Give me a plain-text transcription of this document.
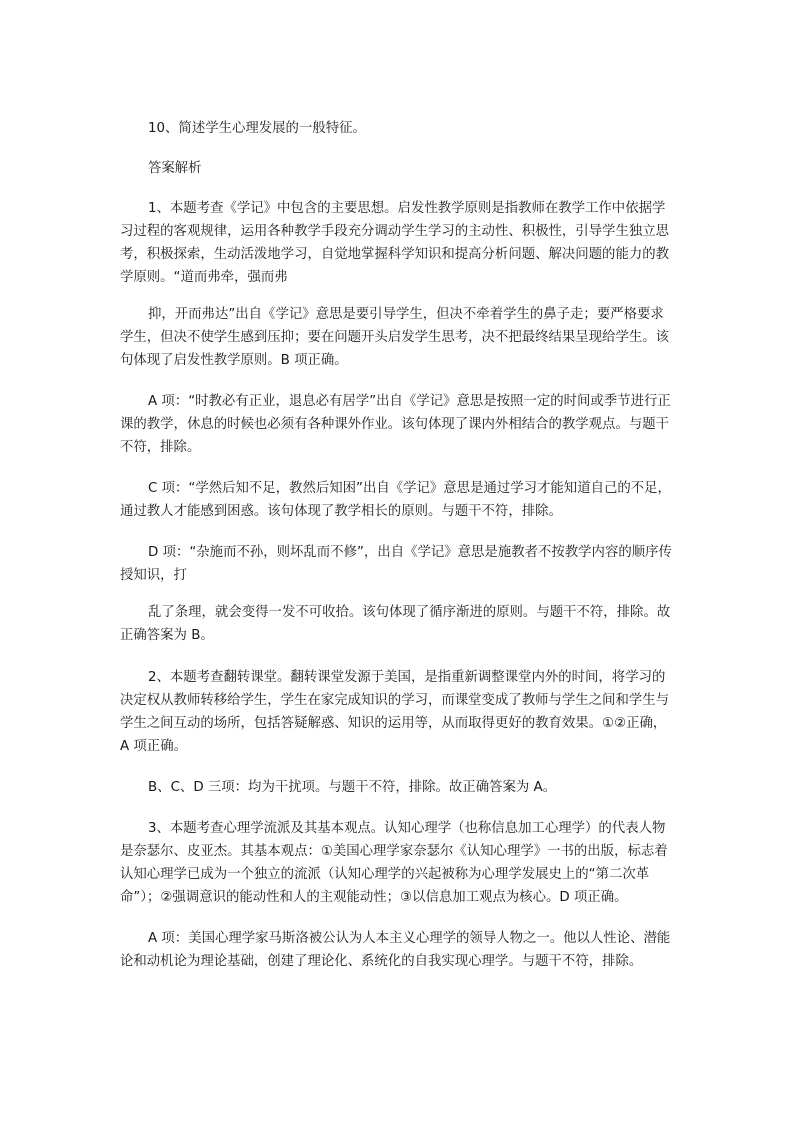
10、简述学生心理发展的一般特征。

答案解析

1、本题考查《学记》中包含的主要思想。启发性教学原则是指教师在教学工作中依据学习过程的客观规律，运用各种教学手段充分调动学生学习的主动性、积极性，引导学生独立思考，积极探索，生动活泼地学习，自觉地掌握科学知识和提高分析问题、解决问题的能力的教学原则。“道而弗牵，强而弗

抑，开而弗达”出自《学记》意思是要引导学生，但决不牵着学生的鼻子走；要严格要求学生，但决不使学生感到压抑；要在问题开头启发学生思考，决不把最终结果呈现给学生。该句体现了启发性教学原则。B 项正确。

A 项：“时教必有正业，退息必有居学”出自《学记》意思是按照一定的时间或季节进行正课的教学，休息的时候也必须有各种课外作业。该句体现了课内外相结合的教学观点。与题干不符，排除。

C 项：“学然后知不足，教然后知困”出自《学记》意思是通过学习才能知道自己的不足，通过教人才能感到困惑。该句体现了教学相长的原则。与题干不符，排除。

D 项：“杂施而不孙，则坏乱而不修”，出自《学记》意思是施教者不按教学内容的顺序传授知识，打

乱了条理，就会变得一发不可收拾。该句体现了循序渐进的原则。与题干不符，排除。故正确答案为 B。

2、本题考查翻转课堂。翻转课堂发源于美国，是指重新调整课堂内外的时间，将学习的决定权从教师转移给学生，学生在家完成知识的学习，而课堂变成了教师与学生之间和学生与学生之间互动的场所，包括答疑解惑、知识的运用等，从而取得更好的教育效果。①②正确，A 项正确。

B、C、D 三项：均为干扰项。与题干不符，排除。故正确答案为 A。

3、本题考查心理学流派及其基本观点。认知心理学（也称信息加工心理学）的代表人物是奈瑟尔、皮亚杰。其基本观点：①美国心理学家奈瑟尔《认知心理学》一书的出版，标志着认知心理学已成为一个独立的流派（认知心理学的兴起被称为心理学发展史上的“第二次革命”）；②强调意识的能动性和人的主观能动性；③以信息加工观点为核心。D 项正确。

A 项：美国心理学家马斯洛被公认为人本主义心理学的领导人物之一。他以人性论、潜能论和动机论为理论基础，创建了理论化、系统化的自我实现心理学。与题干不符，排除。
